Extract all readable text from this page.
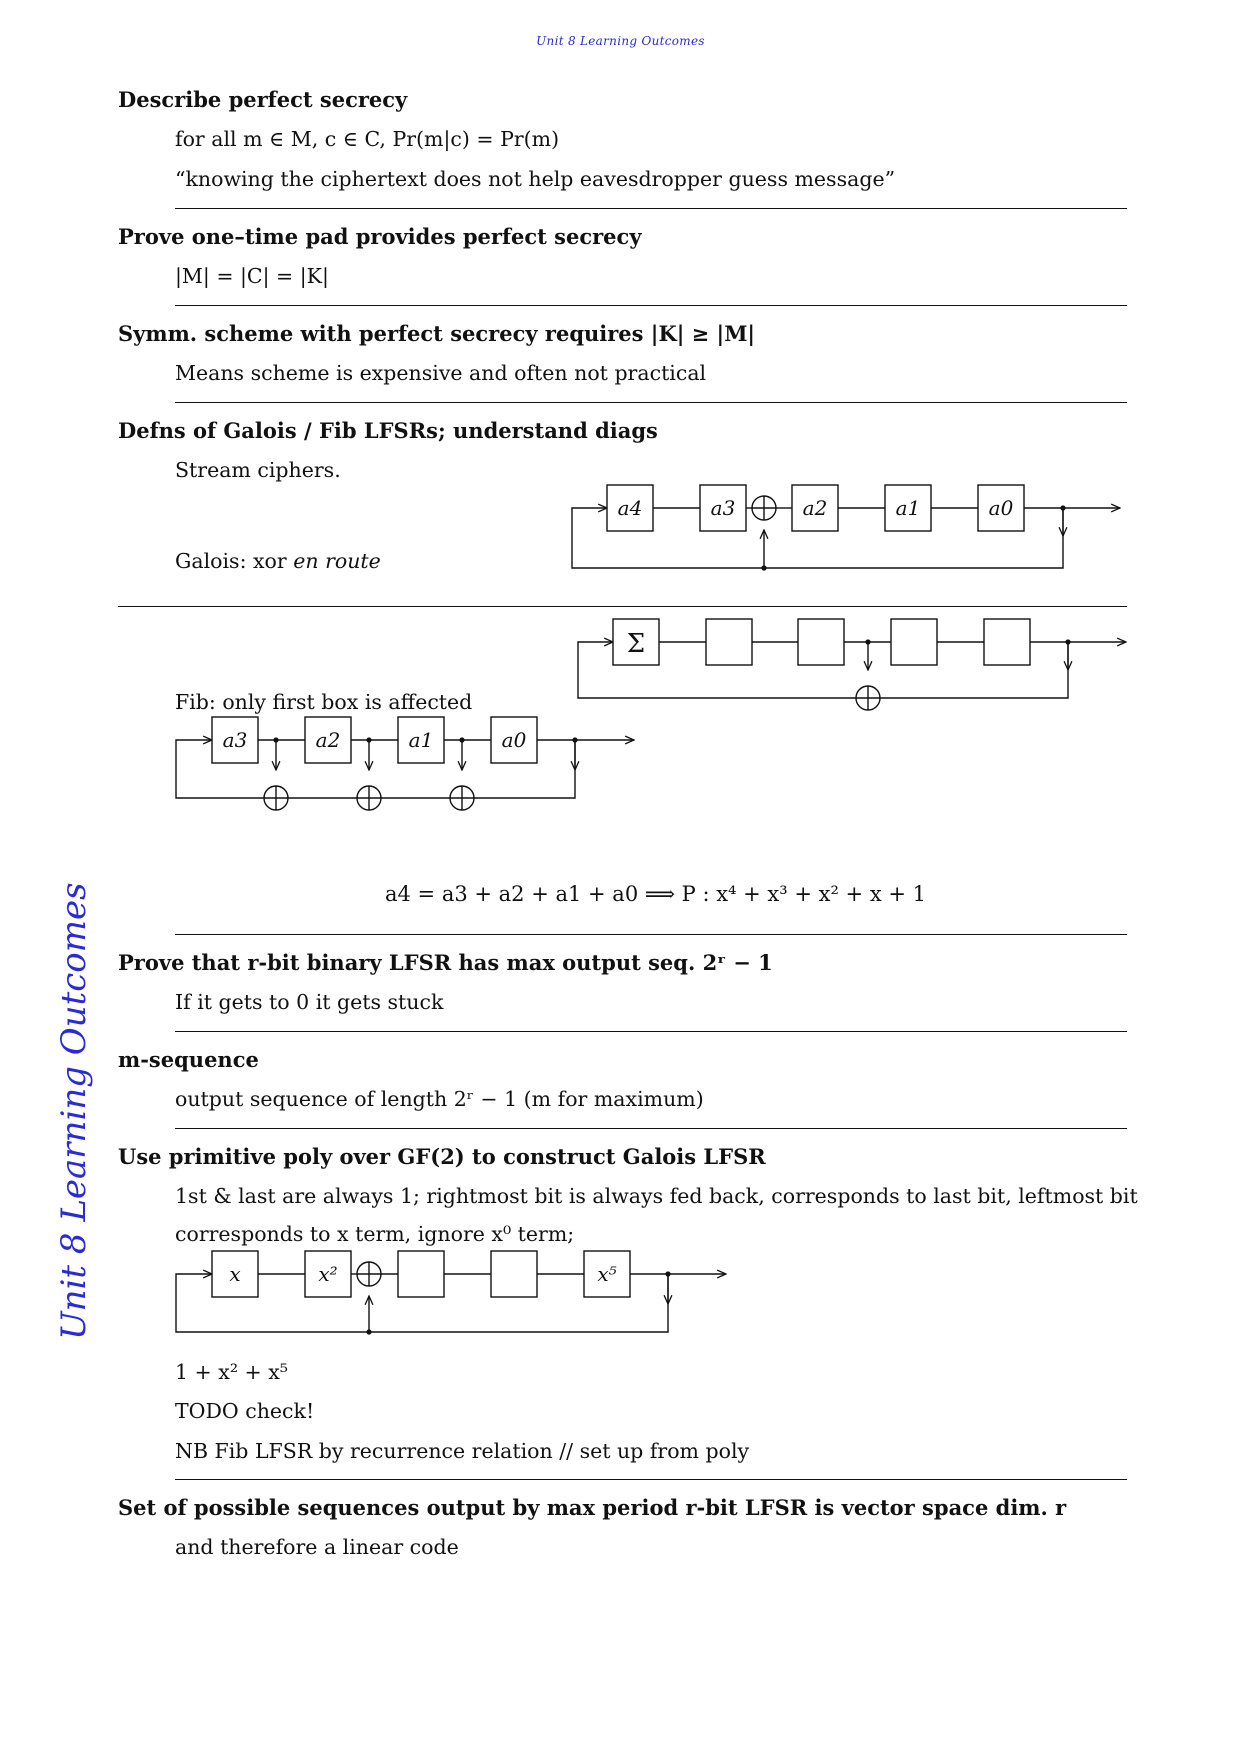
Unit 8 Learning Outcomes
Unit 8 Learning Outcomes
Describe perfect secrecy
for all m ∈ M, c ∈ C, Pr(m|c) = Pr(m)
“knowing the ciphertext does not help eavesdropper guess message”
Prove one–time pad provides perfect secrecy
|M| = |C| = |K|
Symm. scheme with perfect secrecy requires |K| ≥ |M|
Means scheme is expensive and often not practical
Defns of Galois / Fib LFSRs; understand diags
Stream ciphers.
Galois: xor en route
a4	a3	a2	a1	a0
Σ
Fib: only first box is affected
a3	a2	a1	a0
a4 = a3 + a2 + a1 + a0 ⟹ P : x⁴ + x³ + x² + x + 1
Prove that r-bit binary LFSR has max output seq. 2ʳ − 1
If it gets to 0 it gets stuck
m-sequence
output sequence of length 2ʳ − 1 (m for maximum)
Use primitive poly over GF(2) to construct Galois LFSR
1st & last are always 1; rightmost bit is always fed back, corresponds to last bit, leftmost bit
corresponds to x term, ignore x⁰ term;
x	x²	x⁵
1 + x² + x⁵
TODO check!
NB Fib LFSR by recurrence relation // set up from poly
Set of possible sequences output by max period r-bit LFSR is vector space dim. r
and therefore a linear code
